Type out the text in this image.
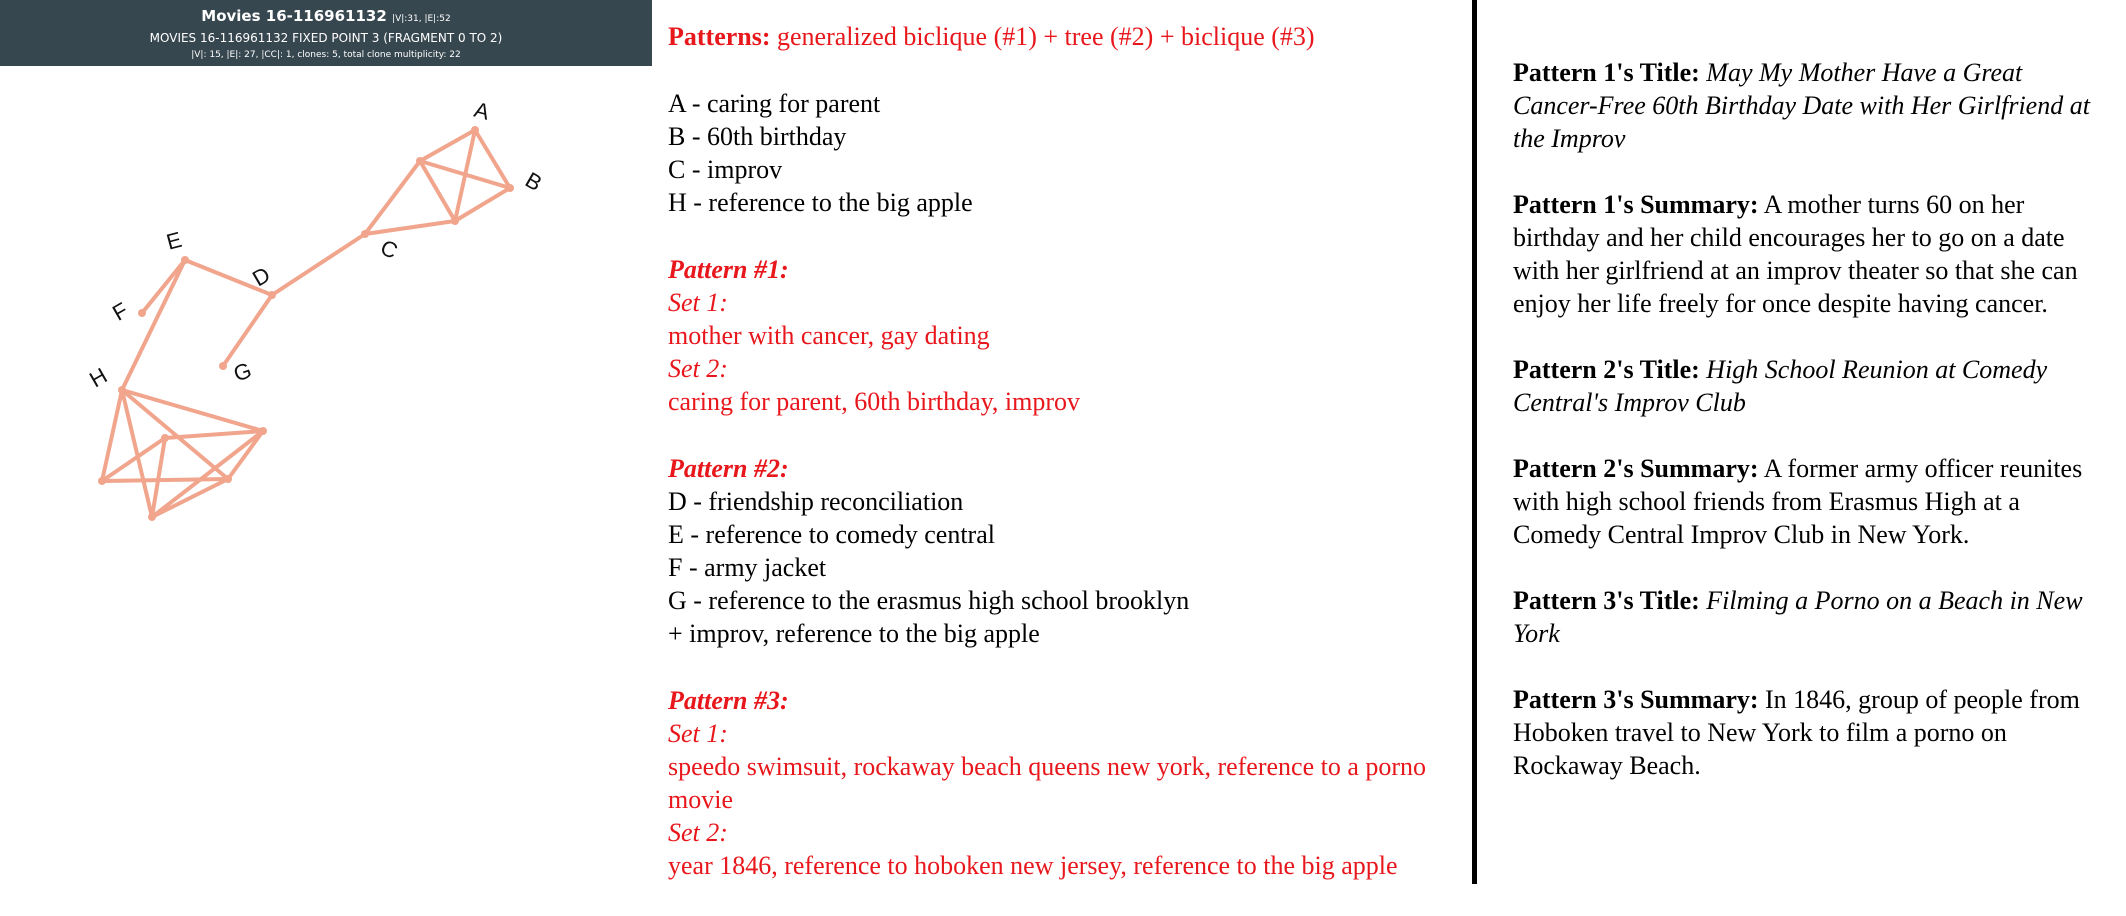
Movies 16-116961132 |V|:31, |E|:52
MOVIES 16-116961132 FIXED POINT 3 (FRAGMENT 0 TO 2)
|V|: 15, |E|: 27, |CC|: 1, clones: 5, total clone multiplicity: 22
A
B
C
D
E
F
G
H

Patterns: generalized biclique (#1) + tree (#2) + biclique (#3)

A - caring for parent
B - 60th birthday
C - improv
H - reference to the big apple

Pattern #1:
Set 1:
mother with cancer, gay dating
Set 2:
caring for parent, 60th birthday, improv

Pattern #2:
D - friendship reconciliation
E - reference to comedy central
F - army jacket
G - reference to the erasmus high school brooklyn
+ improv, reference to the big apple

Pattern #3:
Set 1:
speedo swimsuit, rockaway beach queens new york, reference to a porno movie
Set 2:
year 1846, reference to hoboken new jersey, reference to the big apple

Pattern 1's Title: May My Mother Have a Great Cancer-Free 60th Birthday Date with Her Girlfriend at the Improv

Pattern 1's Summary: A mother turns 60 on her birthday and her child encourages her to go on a date with her girlfriend at an improv theater so that she can enjoy her life freely for once despite having cancer.

Pattern 2's Title: High School Reunion at Comedy Central's Improv Club

Pattern 2's Summary: A former army officer reunites with high school friends from Erasmus High at a Comedy Central Improv Club in New York.

Pattern 3's Title: Filming a Porno on a Beach in New York

Pattern 3's Summary: In 1846, group of people from Hoboken travel to New York to film a porno on Rockaway Beach.
